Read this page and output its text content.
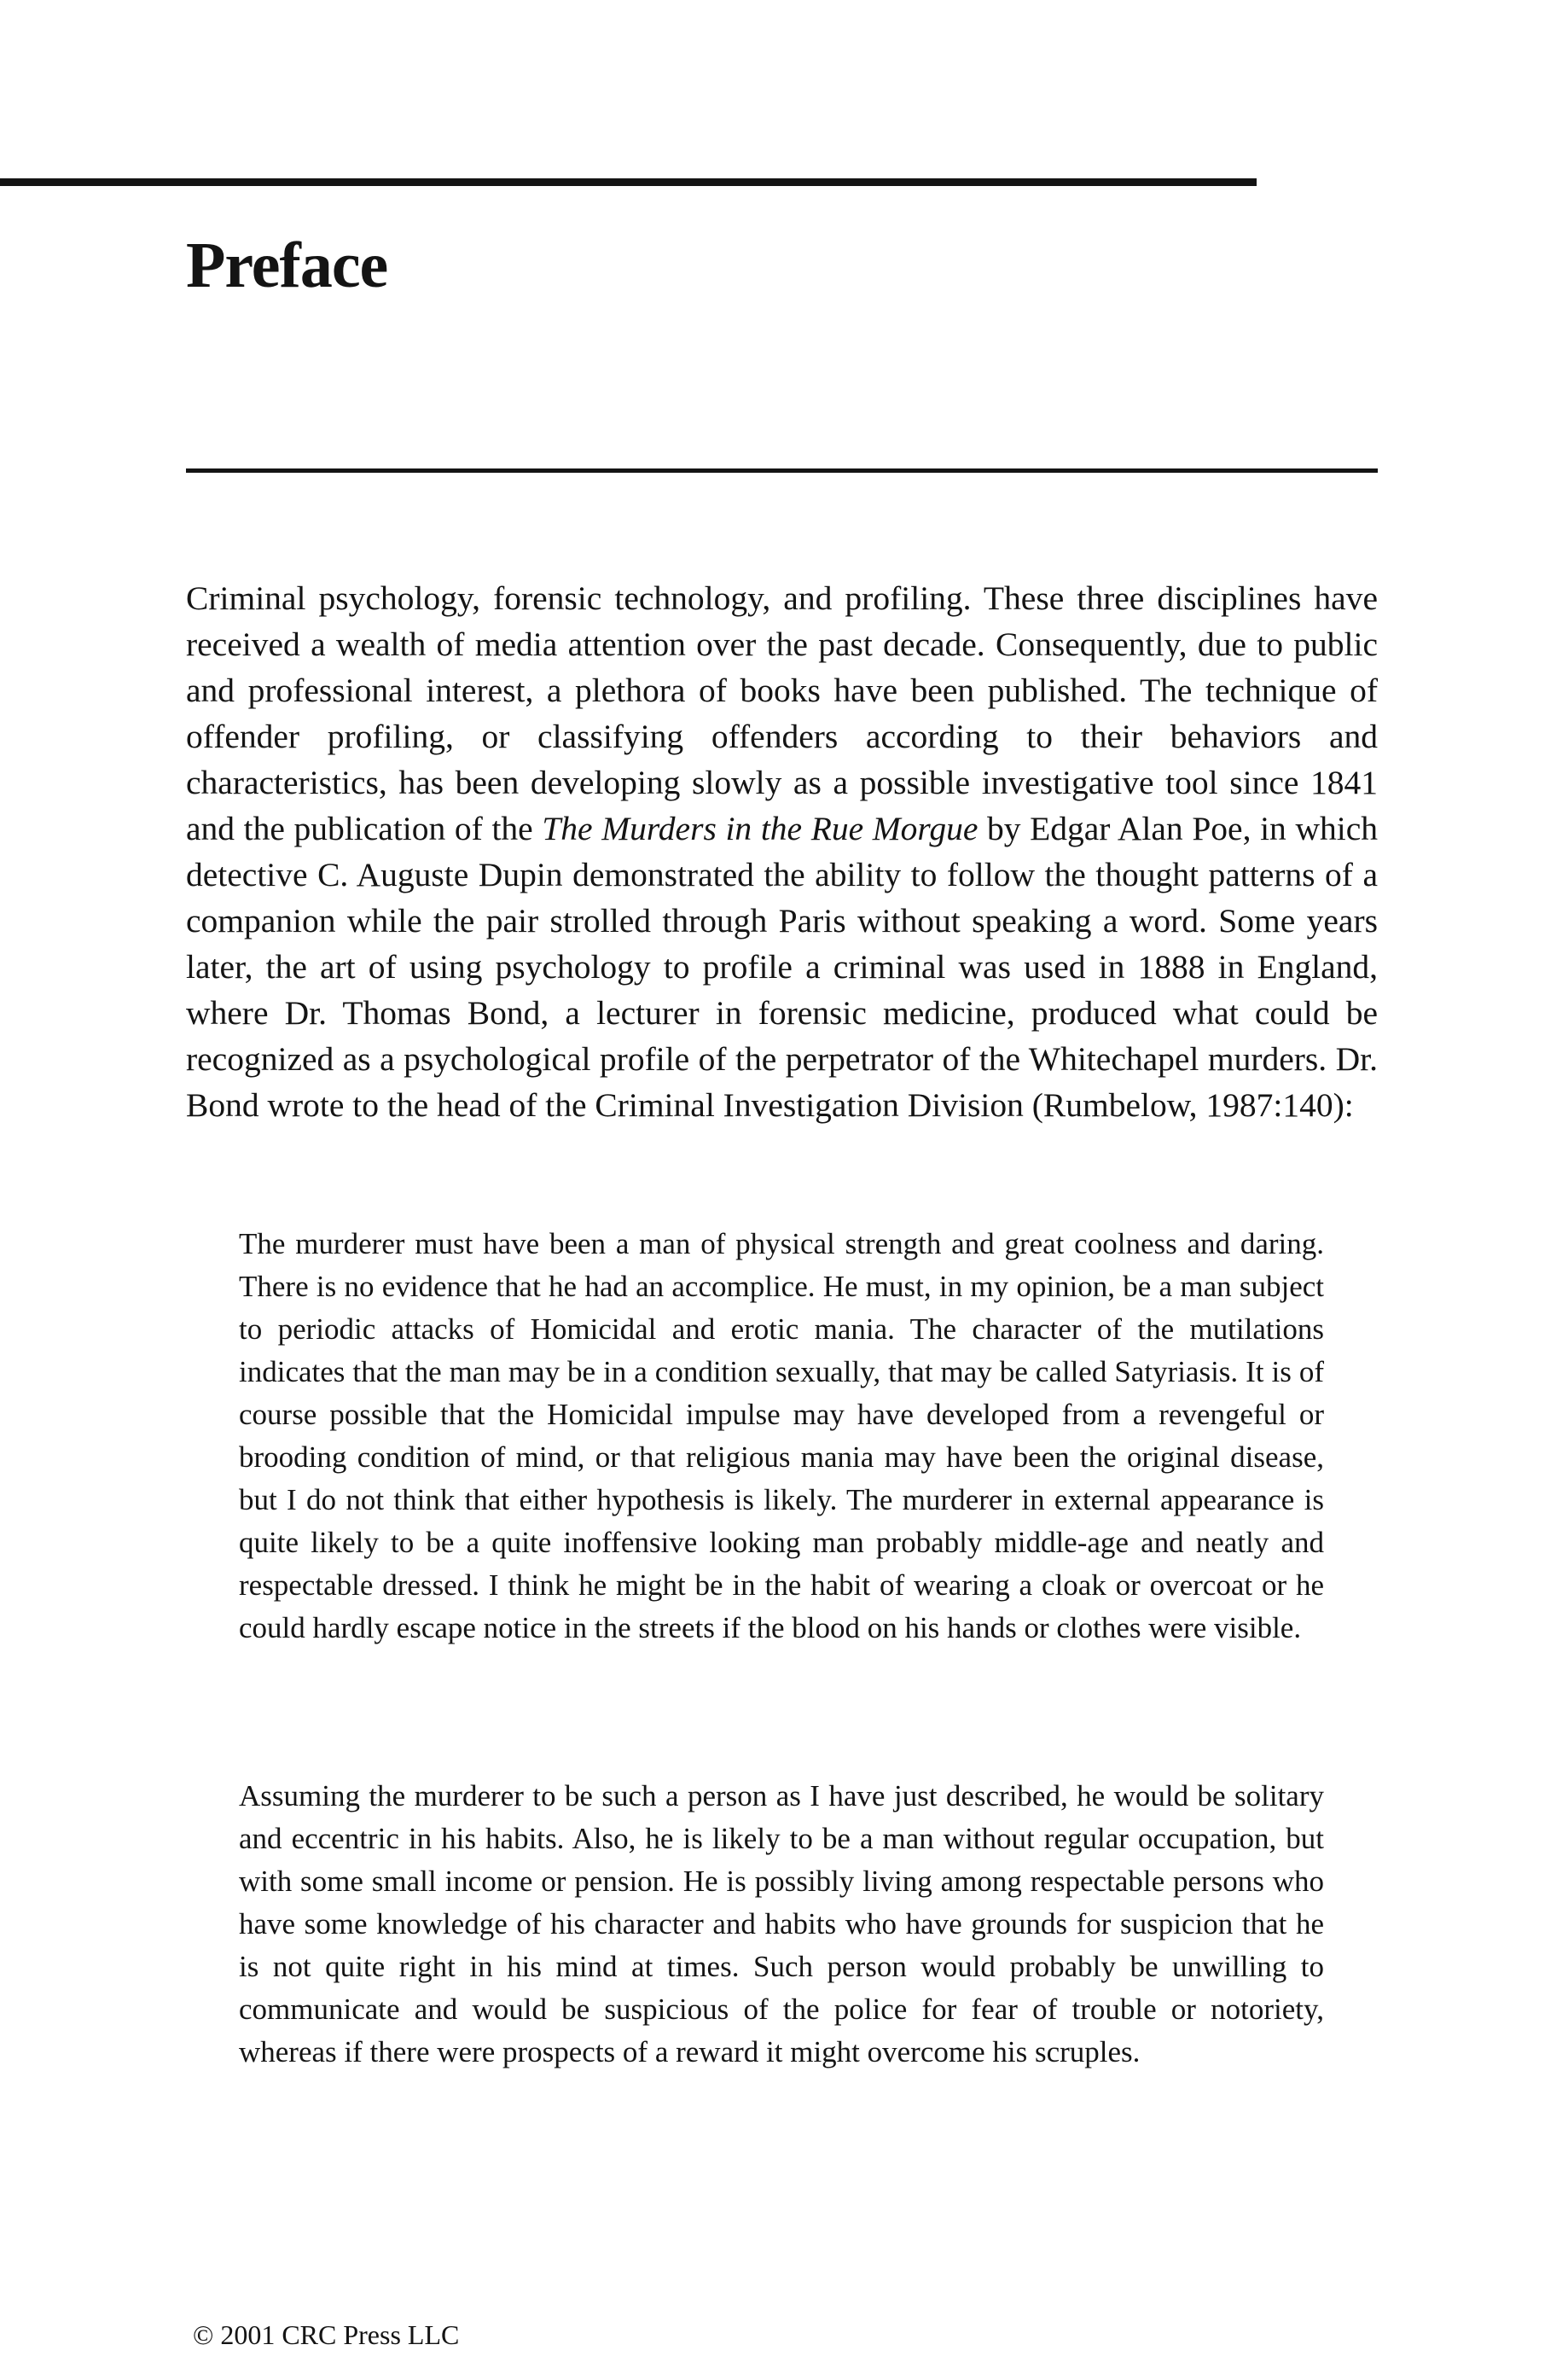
Preface

Criminal psychology, forensic technology, and profiling. These three disciplines have received a wealth of media attention over the past decade. Consequently, due to public and professional interest, a plethora of books have been published. The technique of offender profiling, or classifying offenders according to their behaviors and characteristics, has been developing slowly as a possible investigative tool since 1841 and the publication of the The Murders in the Rue Morgue by Edgar Alan Poe, in which detective C. Auguste Dupin demonstrated the ability to follow the thought patterns of a companion while the pair strolled through Paris without speaking a word. Some years later, the art of using psychology to profile a criminal was used in 1888 in England, where Dr. Thomas Bond, a lecturer in forensic medicine, produced what could be recognized as a psychological profile of the perpetrator of the Whitechapel murders. Dr. Bond wrote to the head of the Criminal Investigation Division (Rumbelow, 1987:140):

The murderer must have been a man of physical strength and great coolness and daring. There is no evidence that he had an accomplice. He must, in my opinion, be a man subject to periodic attacks of Homicidal and erotic mania. The character of the mutilations indicates that the man may be in a condition sexually, that may be called Satyriasis. It is of course possible that the Homicidal impulse may have developed from a revengeful or brooding condition of mind, or that religious mania may have been the original disease, but I do not think that either hypothesis is likely. The murderer in external appearance is quite likely to be a quite inoffensive looking man probably middle-age and neatly and respectable dressed. I think he might be in the habit of wearing a cloak or overcoat or he could hardly escape notice in the streets if the blood on his hands or clothes were visible.

Assuming the murderer to be such a person as I have just described, he would be solitary and eccentric in his habits. Also, he is likely to be a man without regular occupation, but with some small income or pension. He is possibly living among respectable persons who have some knowledge of his character and habits who have grounds for suspicion that he is not quite right in his mind at times. Such person would probably be unwilling to communicate and would be suspicious of the police for fear of trouble or notoriety, whereas if there were prospects of a reward it might overcome his scruples.

© 2001 CRC Press LLC
